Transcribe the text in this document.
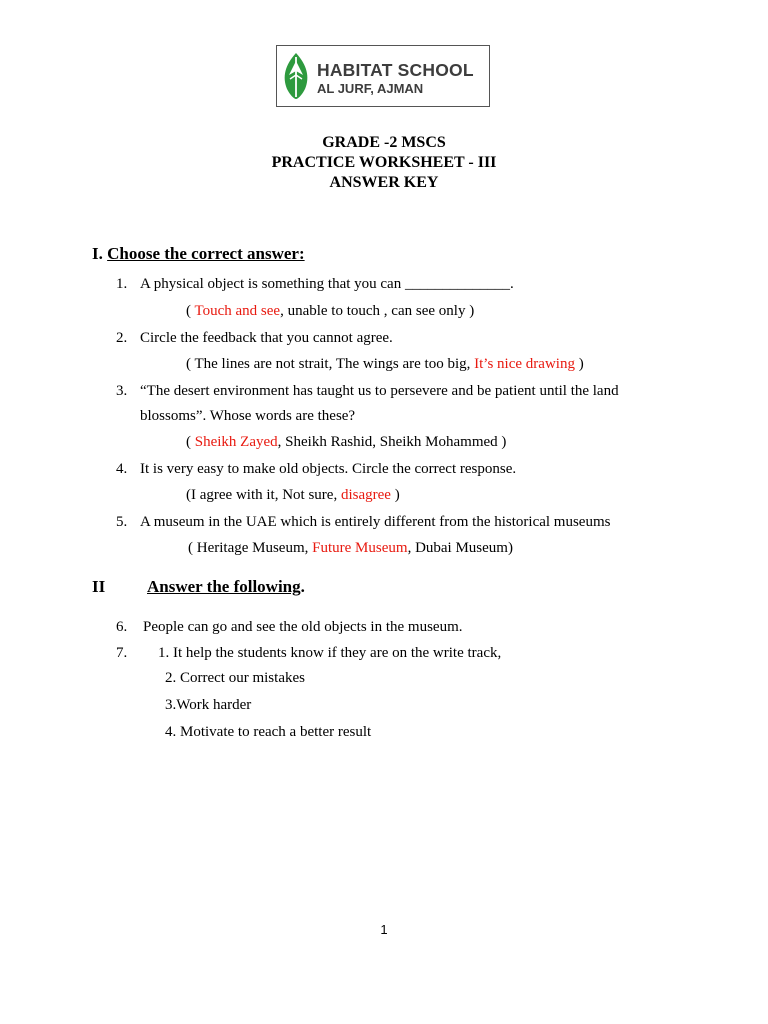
HABITAT SCHOOL
AL JURF, AJMAN
GRADE -2 MSCS
PRACTICE WORKSHEET - III
ANSWER KEY
I. Choose the correct answer:
1. A physical object is something that you can ______________.
( Touch and see, unable to touch , can see only )
2. Circle the feedback that you cannot agree.
( The lines are not strait, The wings are too big, It’s nice drawing )
3. “The desert environment has taught us to persevere and be patient until the land
blossoms”. Whose words are these?
( Sheikh Zayed, Sheikh Rashid, Sheikh Mohammed )
4. It is very easy to make old objects. Circle the correct response.
(I agree with it, Not sure, disagree )
5. A museum in the UAE which is entirely different from the historical museums
( Heritage Museum, Future Museum, Dubai Museum)
II Answer the following.
6. People can go and see the old objects in the museum.
7. 1. It help the students know if they are on the write track,
2. Correct our mistakes
3.Work harder
4. Motivate to reach a better result
1
